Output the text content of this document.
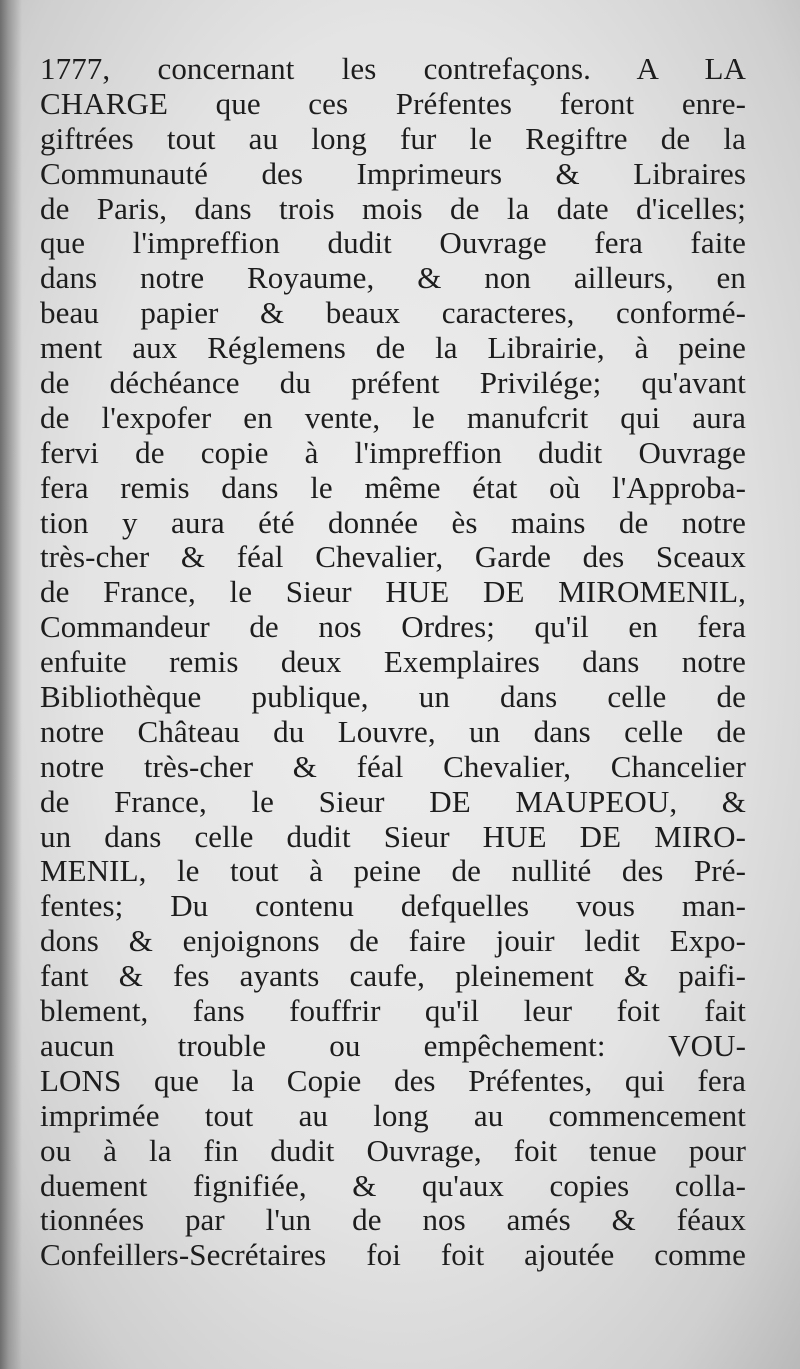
1777, concernant les contrefaçons. A LA
CHARGE que ces Préfentes feront enre-
giftrées tout au long fur le Regiftre de la
Communauté des Imprimeurs & Libraires
de Paris, dans trois mois de la date d'icelles;
que l'impreffion dudit Ouvrage fera faite
dans notre Royaume, & non ailleurs, en
beau papier & beaux caracteres, conformé-
ment aux Réglemens de la Librairie, à peine
de déchéance du préfent Privilége; qu'avant
de l'expofer en vente, le manufcrit qui aura
fervi de copie à l'impreffion dudit Ouvrage
fera remis dans le même état où l'Approba-
tion y aura été donnée ès mains de notre
très-cher & féal Chevalier, Garde des Sceaux
de France, le Sieur HUE DE MIROMENIL,
Commandeur de nos Ordres; qu'il en fera
enfuite remis deux Exemplaires dans notre
Bibliothèque publique, un dans celle de
notre Château du Louvre, un dans celle de
notre très-cher & féal Chevalier, Chancelier
de France, le Sieur DE MAUPEOU, &
un dans celle dudit Sieur HUE DE MIRO-
MENIL, le tout à peine de nullité des Pré-
fentes; Du contenu defquelles vous man-
dons & enjoignons de faire jouir ledit Expo-
fant & fes ayants caufe, pleinement & paifi-
blement, fans fouffrir qu'il leur foit fait
aucun trouble ou empêchement: VOU-
LONS que la Copie des Préfentes, qui fera
imprimée tout au long au commencement
ou à la fin dudit Ouvrage, foit tenue pour
duement fignifiée, & qu'aux copies colla-
tionnées par l'un de nos amés & féaux
Confeillers-Secrétaires foi foit ajoutée comme
